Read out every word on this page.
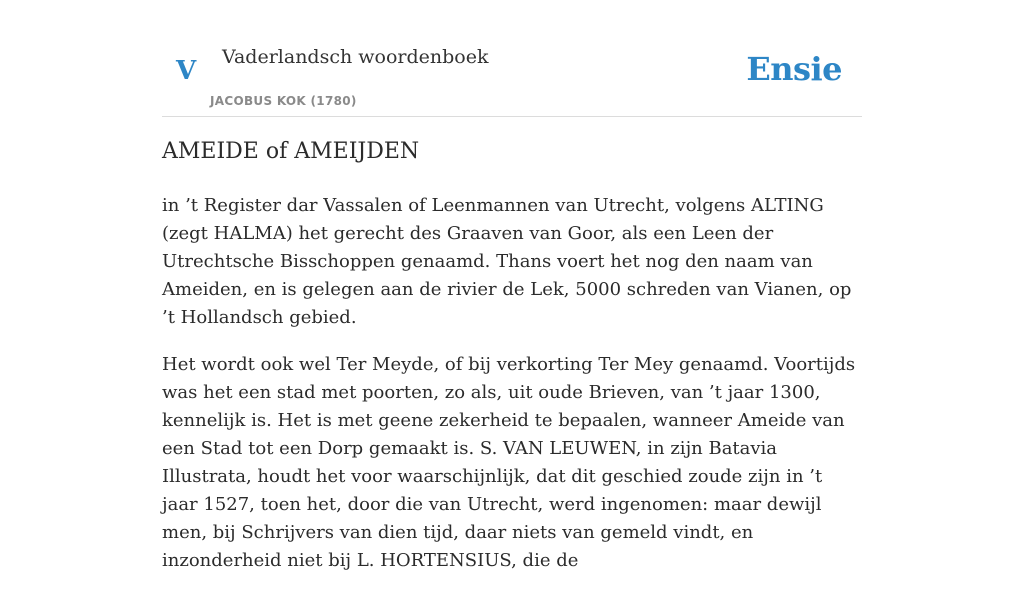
V Vaderlandsch woordenboek
JACOBUS KOK (1780)
Ensie
AMEIDE of AMEIJDEN

in ’t Register dar Vassalen of Leenmannen van Utrecht, volgens ALTING (zegt HALMA) het gerecht des Graaven van Goor, als een Leen der Utrechtsche Bisschoppen genaamd. Thans voert het nog den naam van Ameiden, en is gelegen aan de rivier de Lek, 5000 schreden van Vianen, op ’t Hollandsch gebied.

Het wordt ook wel Ter Meyde, of bij verkorting Ter Mey genaamd. Voortijds was het een stad met poorten, zo als, uit oude Brieven, van ’t jaar 1300, kennelijk is. Het is met geene zekerheid te bepaalen, wanneer Ameide van een Stad tot een Dorp gemaakt is. S. VAN LEUWEN, in zijn Batavia Illustrata, houdt het voor waarschijnlijk, dat dit geschied zoude zijn in ’t jaar 1527, toen het, door die van Utrecht, werd ingenomen: maar dewijl men, bij Schrijvers van dien tijd, daar niets van gemeld vindt, en inzonderheid niet bij L. HORTENSIUS, die de
